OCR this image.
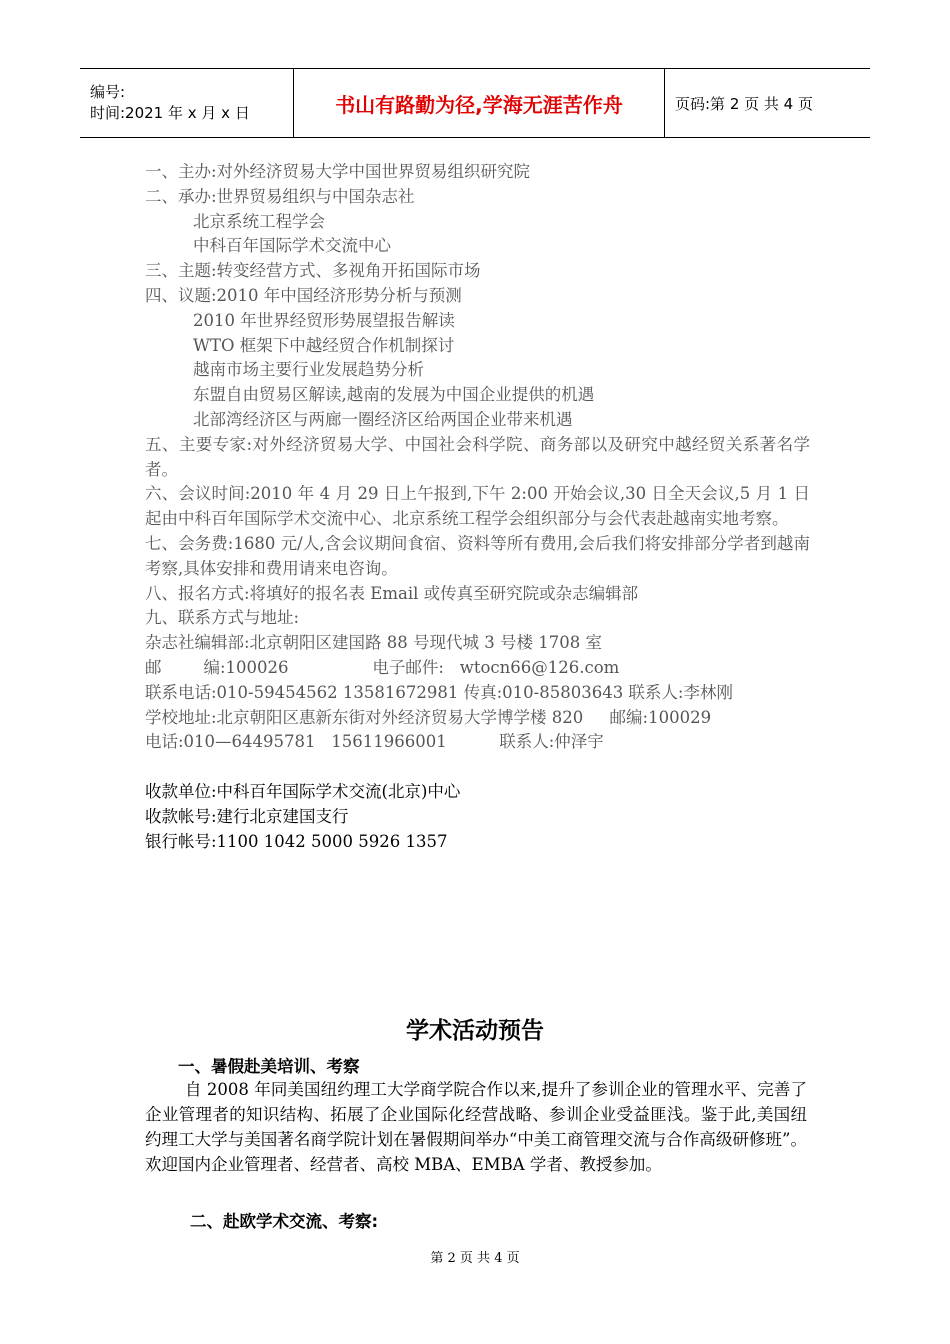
编号:
时间:2021 年 x 月 x 日	书山有路勤为径,学海无涯苦作舟	页码:第 2 页 共 4 页
一、主办:对外经济贸易大学中国世界贸易组织研究院
二、承办:世界贸易组织与中国杂志社
北京系统工程学会
中科百年国际学术交流中心
三、主题:转变经营方式、多视角开拓国际市场
四、议题:2010 年中国经济形势分析与预测
2010 年世界经贸形势展望报告解读
WTO 框架下中越经贸合作机制探讨
越南市场主要行业发展趋势分析
东盟自由贸易区解读,越南的发展为中国企业提供的机遇
北部湾经济区与两廊一圈经济区给两国企业带来机遇
五、主要专家:对外经济贸易大学、中国社会科学院、商务部以及研究中越经贸关系著名学者。
六、会议时间:2010 年 4 月 29 日上午报到,下午 2:00 开始会议,30 日全天会议,5 月 1 日起由中科百年国际学术交流中心、北京系统工程学会组织部分与会代表赴越南实地考察。
七、会务费:1680 元/人,含会议期间食宿、资料等所有费用,会后我们将安排部分学者到越南考察,具体安排和费用请来电咨询。
八、报名方式:将填好的报名表 Email 或传真至研究院或杂志编辑部
九、联系方式与地址:
杂志社编辑部:北京朝阳区建国路 88 号现代城 3 号楼 1708 室
邮        编:100026                电子邮件:   wtocn66@126.com
联系电话:010-59454562 13581672981 传真:010-85803643 联系人:李林刚
学校地址:北京朝阳区惠新东街对外经济贸易大学博学楼 820     邮编:100029
电话:010—64495781   15611966001          联系人:仲泽宇
收款单位:中科百年国际学术交流(北京)中心
收款帐号:建行北京建国支行
银行帐号:1100 1042 5000 5926 1357
学术活动预告
一、暑假赴美培训、考察
自 2008 年同美国纽约理工大学商学院合作以来,提升了参训企业的管理水平、完善了企业管理者的知识结构、拓展了企业国际化经营战略、参训企业受益匪浅。鉴于此,美国纽约理工大学与美国著名商学院计划在暑假期间举办“中美工商管理交流与合作高级研修班”。欢迎国内企业管理者、经营者、高校 MBA、EMBA 学者、教授参加。
二、赴欧学术交流、考察:
第 2 页 共 4 页
